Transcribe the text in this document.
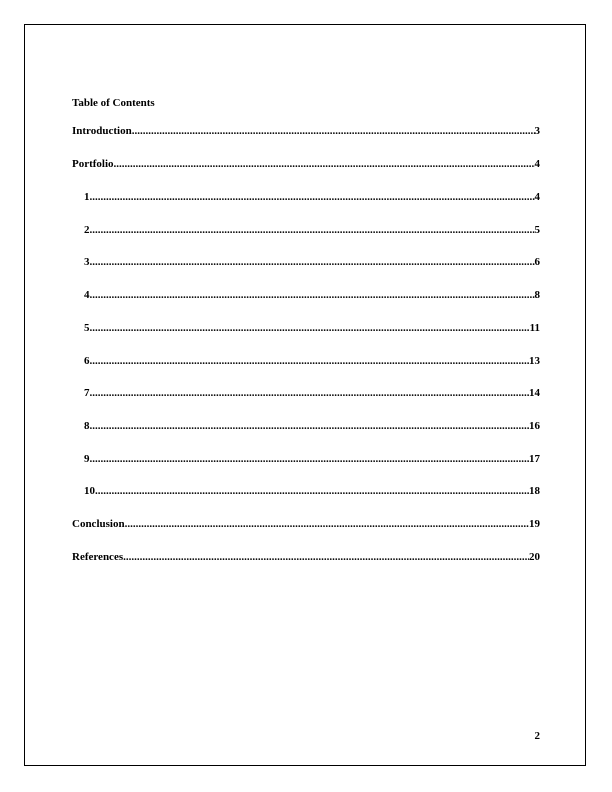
Table of Contents
Introduction .....	3
Portfolio .....	4
1 .....	4
2 .....	5
3 .....	6
4 .....	8
5 .....	11
6 .....	13
7 .....	14
8 .....	16
9 .....	17
10 .....	18
Conclusion .....	19
References .....	20
2
